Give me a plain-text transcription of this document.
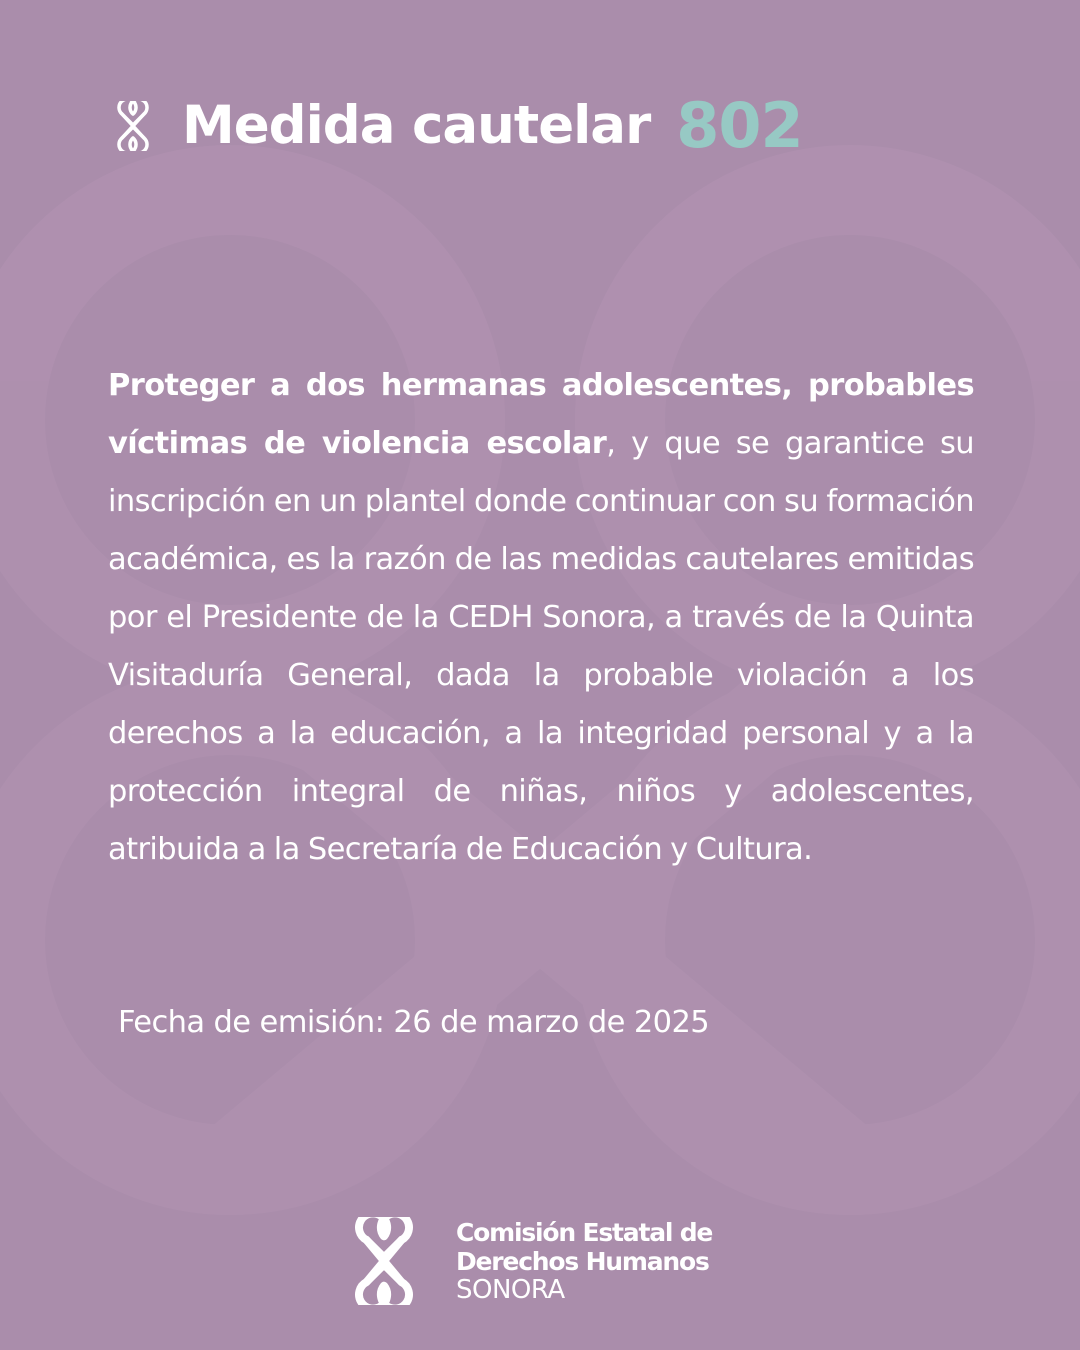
Medida cautelar 802
Proteger a dos hermanas adolescentes, probables víctimas de violencia escolar, y que se garantice su inscripción en un plantel donde continuar con su formación académica, es la razón de las medidas cautelares emitidas por el Presidente de la CEDH Sonora, a través de la Quinta Visitaduría General, dada la probable violación a los derechos a la educación, a la integridad personal y a la protección integral de niñas, niños y adolescentes, atribuida a la Secretaría de Educación y Cultura.
Fecha de emisión: 26 de marzo de 2025
Comisión Estatal de
Derechos Humanos
SONORA
